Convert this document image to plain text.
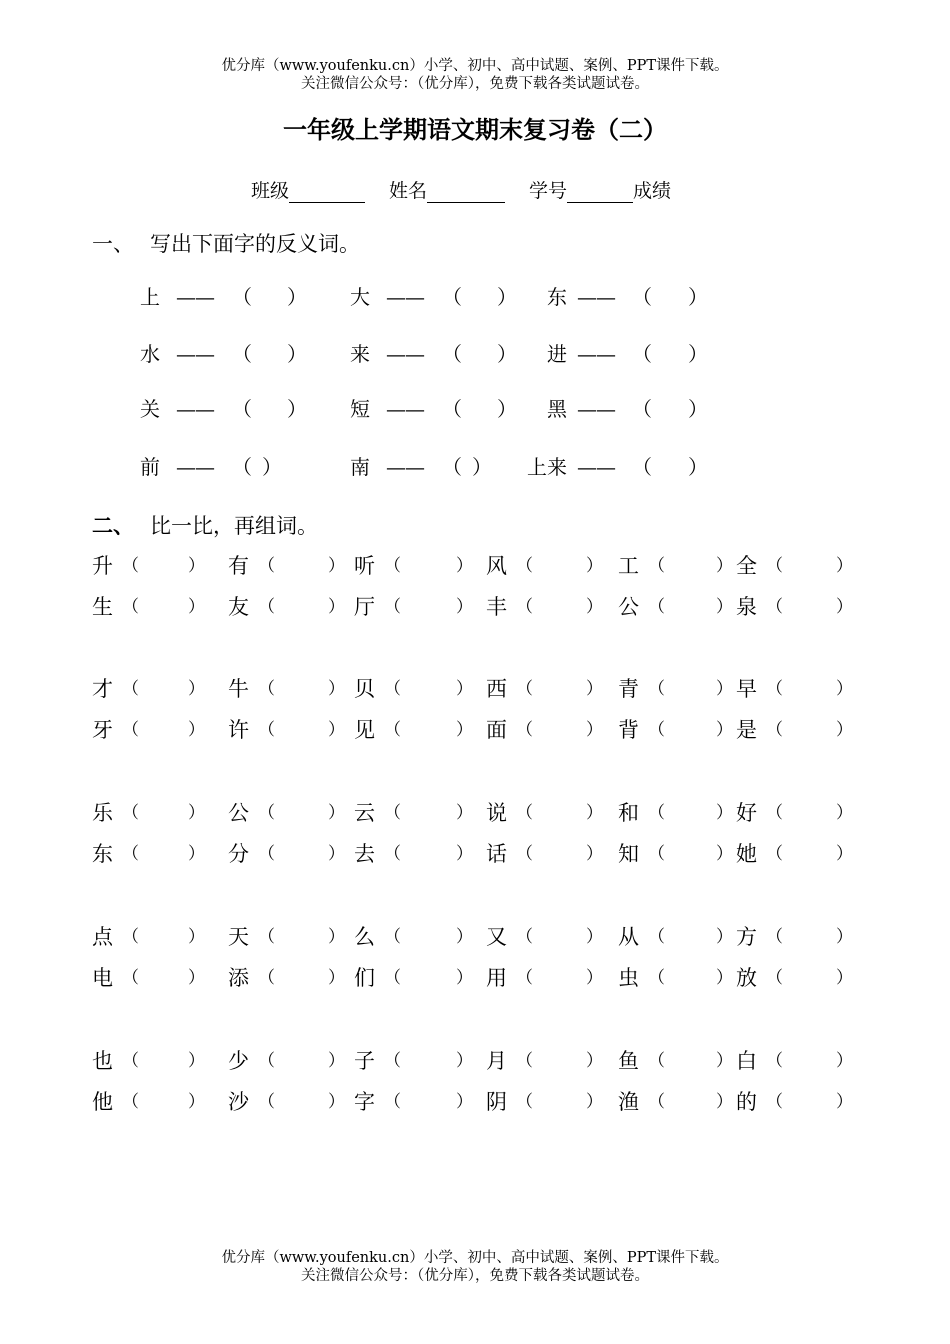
优分库（www.youfenku.cn）小学、初中、高中试题、案例、PPT课件下载。
关注微信公众号：（优分库），免费下载各类试题试卷。
一年级上学期语文期末复习卷（二）
班级	姓名	学号	成绩
一、 写出下面字的反义词。
上 —— （ ） 大 —— （ ） 东 —— （ ）
水 —— （ ） 来 —— （ ） 进 —— （ ）
关 —— （ ） 短 —— （ ） 黑 —— （ ）
前 —— （ ）	南 —— （ ） 上来 —— （ ）
二、 比一比，再组词。
升 （	） 有 （	） 听 （	） 风 （	） 工 （	） 全 （	）
生 （	） 友 （	） 厅 （	） 丰 （	） 公 （	） 泉 （	）
才 （	） 牛 （	） 贝 （	） 西 （	） 青 （	） 早 （	）
牙 （	） 许 （	） 见 （	） 面 （	） 背 （	） 是 （	）
乐 （	） 公 （	） 云 （	） 说 （	） 和 （	） 好 （	）
东 （	） 分 （	） 去 （	） 话 （	） 知 （	） 她 （	）
点 （	） 天 （	） 么 （	） 又 （	） 从 （	） 方 （	）
电 （	） 添 （	） 们 （	） 用 （	） 虫 （	） 放 （	）
也 （	） 少 （	） 子 （	） 月 （	） 鱼 （	） 白 （	）
他 （	） 沙 （	） 字 （	） 阴 （	） 渔 （	） 的 （	）
优分库（www.youfenku.cn）小学、初中、高中试题、案例、PPT课件下载。
关注微信公众号：（优分库），免费下载各类试题试卷。
